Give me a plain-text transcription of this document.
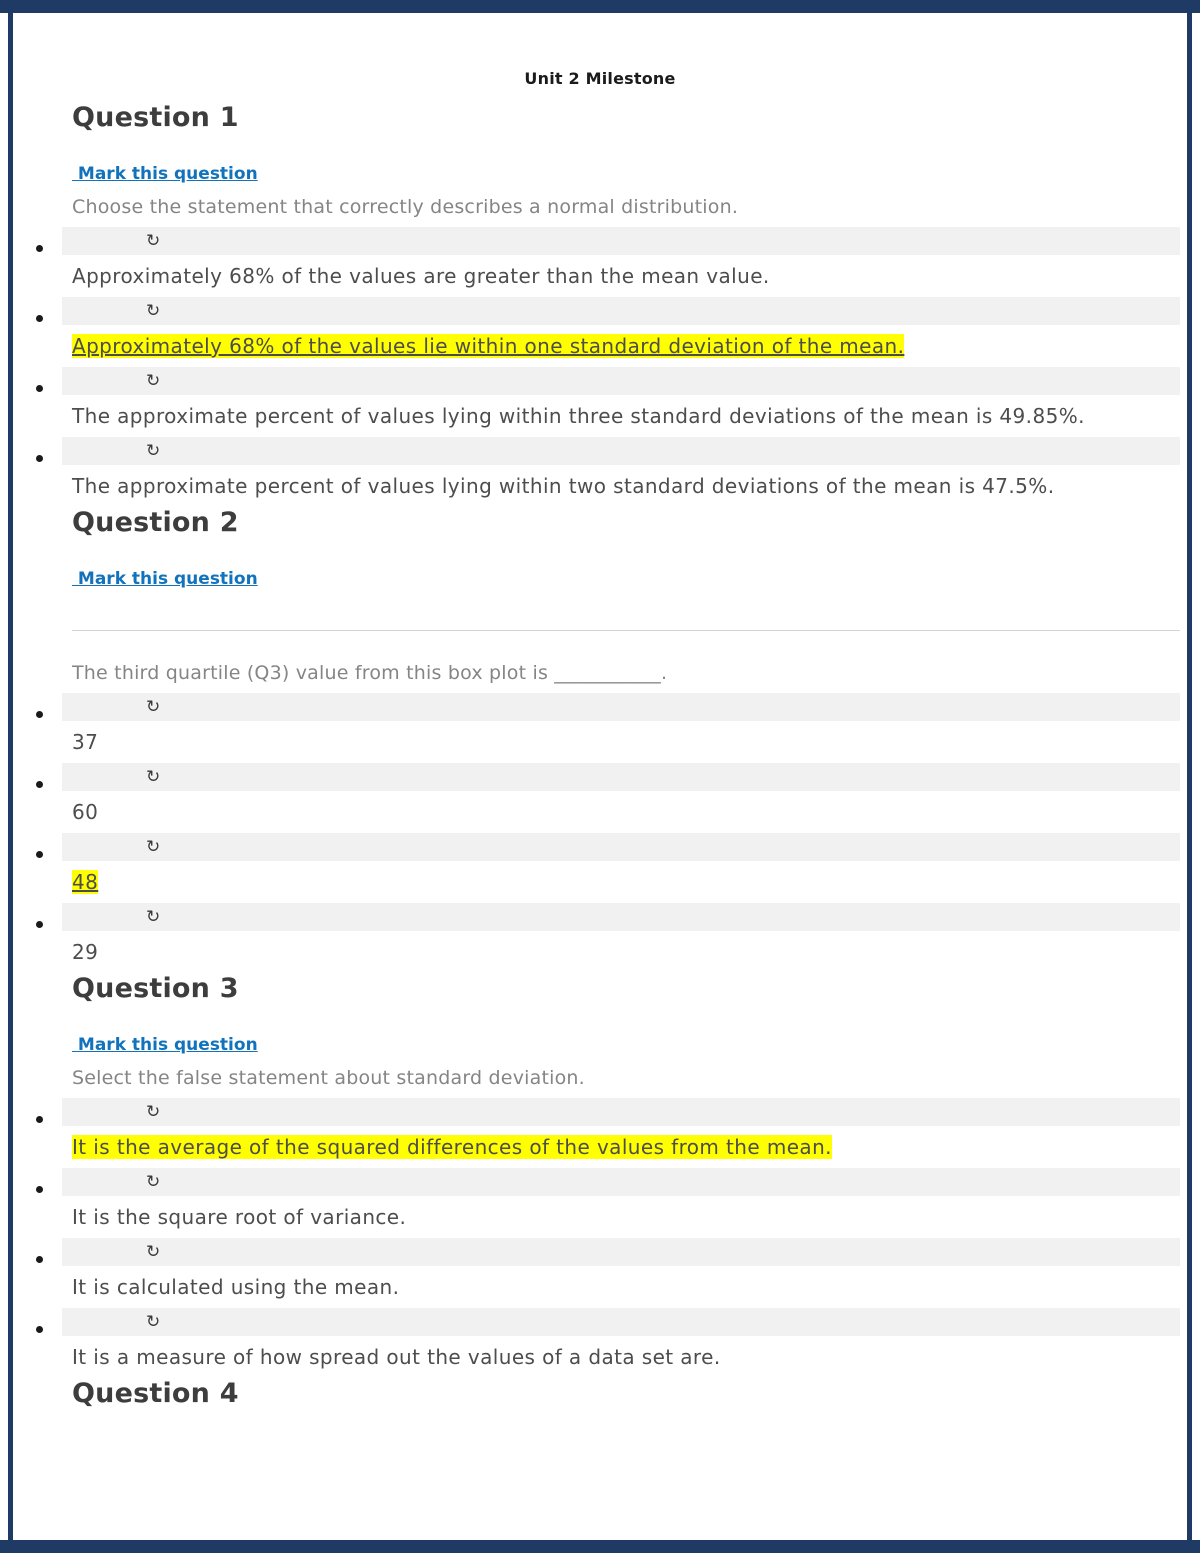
Unit 2 Milestone
Question 1
Mark this question
Choose the statement that correctly describes a normal distribution.
↻
Approximately 68% of the values are greater than the mean value.
↻
Approximately 68% of the values lie within one standard deviation of the mean.
↻
The approximate percent of values lying within three standard deviations of the mean is 49.85%.
↻
The approximate percent of values lying within two standard deviations of the mean is 47.5%.
Question 2
Mark this question
The third quartile (Q3) value from this box plot is ___________.
↻
37
↻
60
↻
48
↻
29
Question 3
Mark this question
Select the false statement about standard deviation.
↻
It is the average of the squared differences of the values from the mean.
↻
It is the square root of variance.
↻
It is calculated using the mean.
↻
It is a measure of how spread out the values of a data set are.
Question 4
